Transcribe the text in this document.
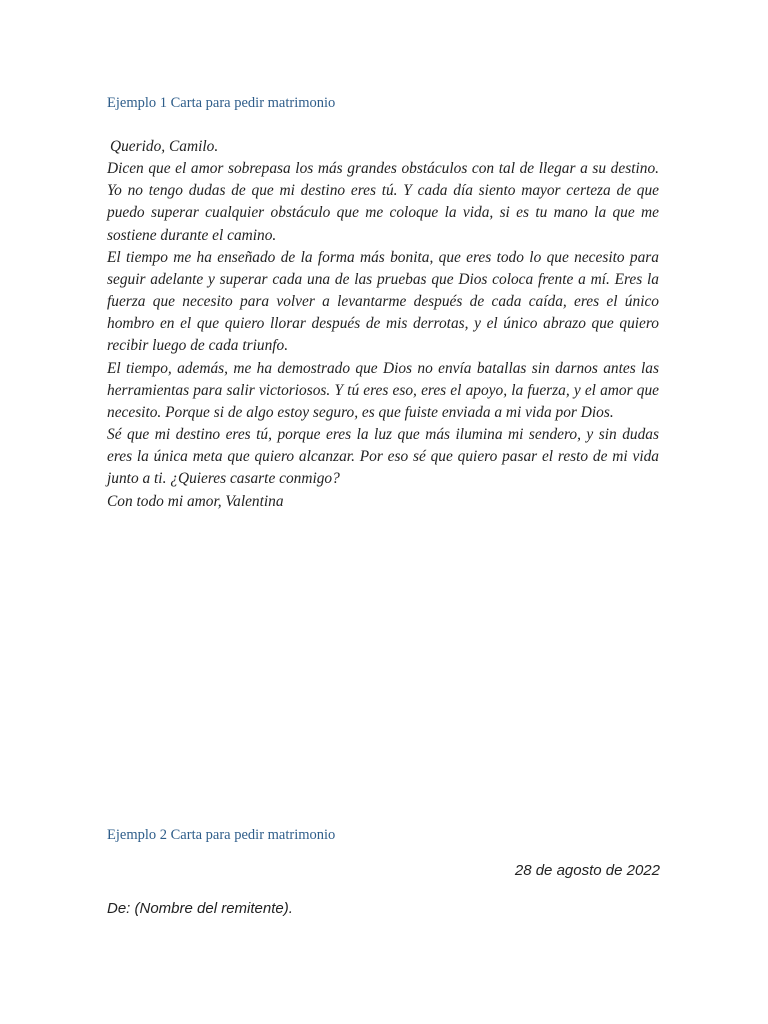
Ejemplo 1 Carta para pedir matrimonio

Querido, Camilo.

Dicen que el amor sobrepasa los más grandes obstáculos con tal de llegar a su destino. Yo no tengo dudas de que mi destino eres tú. Y cada día siento mayor certeza de que puedo superar cualquier obstáculo que me coloque la vida, si es tu mano la que me sostiene durante el camino.

El tiempo me ha enseñado de la forma más bonita, que eres todo lo que necesito para seguir adelante y superar cada una de las pruebas que Dios coloca frente a mí. Eres la fuerza que necesito para volver a levantarme después de cada caída, eres el único hombro en el que quiero llorar después de mis derrotas, y el único abrazo que quiero recibir luego de cada triunfo.

El tiempo, además, me ha demostrado que Dios no envía batallas sin darnos antes las herramientas para salir victoriosos. Y tú eres eso, eres el apoyo, la fuerza, y el amor que necesito. Porque si de algo estoy seguro, es que fuiste enviada a mi vida por Dios.

Sé que mi destino eres tú, porque eres la luz que más ilumina mi sendero, y sin dudas eres la única meta que quiero alcanzar. Por eso sé que quiero pasar el resto de mi vida junto a ti. ¿Quieres casarte conmigo?

Con todo mi amor, Valentina

Ejemplo 2 Carta para pedir matrimonio
28 de agosto de 2022
De: (Nombre del remitente).
